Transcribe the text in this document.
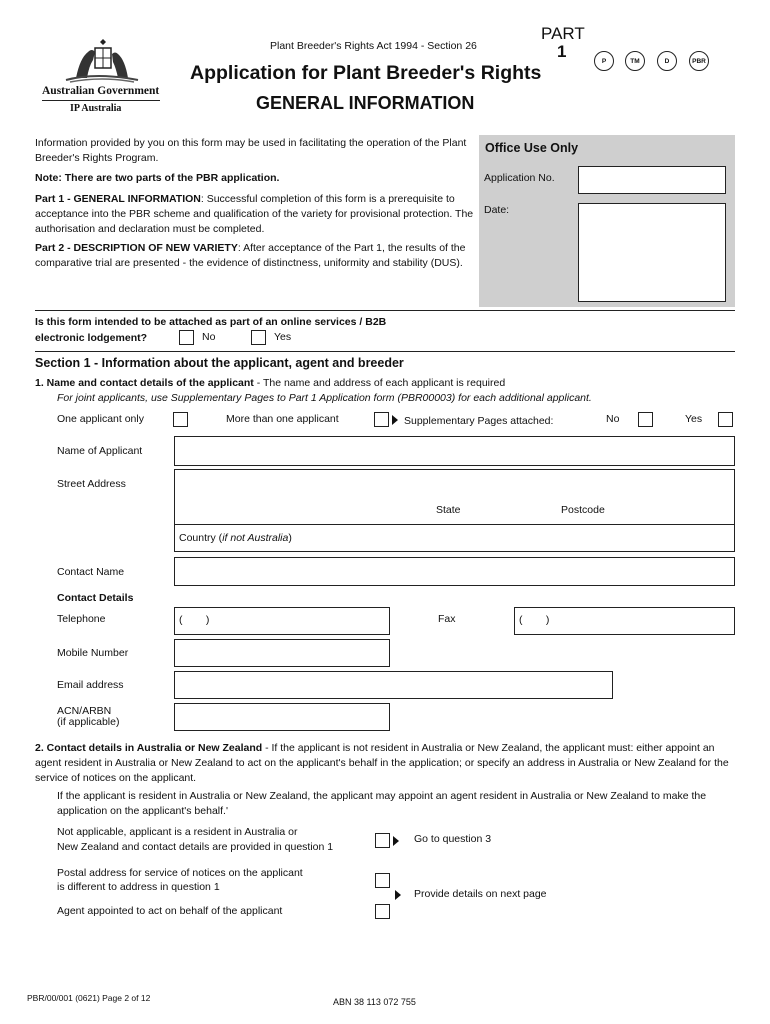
Australian Government
IP Australia
Plant Breeder's Rights Act 1994 - Section 26
PART
1
Application for Plant Breeder's Rights
GENERAL INFORMATION
P	TM	D	PBR
Information provided by you on this form may be used in facilitating the operation of the Plant Breeder's Rights Program.
Note: There are two parts of the PBR application.
Part 1 - GENERAL INFORMATION: Successful completion of this form is a prerequisite to acceptance into the PBR scheme and qualification of the variety for provisional protection. The authorisation and declaration must be completed.
Part 2 - DESCRIPTION OF NEW VARIETY: After acceptance of the Part 1, the results of the comparative trial are presented - the evidence of distinctness, uniformity and stability (DUS).
Office Use Only
Application No.
Date:
Is this form intended to be attached as part of an online services / B2B
electronic lodgement?	No	Yes
Section 1 - Information about the applicant, agent and breeder
1. Name and contact details of the applicant - The name and address of each applicant is required
For joint applicants, use Supplementary Pages to Part 1 Application form (PBR00003) for each additional applicant.
One applicant only	More than one applicant	Supplementary Pages attached:	No	Yes
Name of Applicant
Street Address
State	Postcode
Country (if not Australia)
Contact Name
Contact Details
Telephone	(        )	Fax	(        )
Mobile Number
Email address
ACN/ARBN
(if applicable)
2. Contact details in Australia or New Zealand - If the applicant is not resident in Australia or New Zealand, the applicant must: either appoint an agent resident in Australia or New Zealand to act on the applicant's behalf in the application; or specify an address in Australia or New Zealand for the service of notices on the applicant.
If the applicant is resident in Australia or New Zealand, the applicant may appoint an agent resident in Australia or New Zealand to make the application on the applicant's behalf.'
Not applicable, applicant is a resident in Australia or
New Zealand and contact details are provided in question 1
Go to question 3
Postal address for service of notices on the applicant
is different to address in question 1
Provide details on next page
Agent appointed to act on behalf of the applicant
PBR/00/001 (0621) Page 2 of 12	ABN 38 113 072 755
